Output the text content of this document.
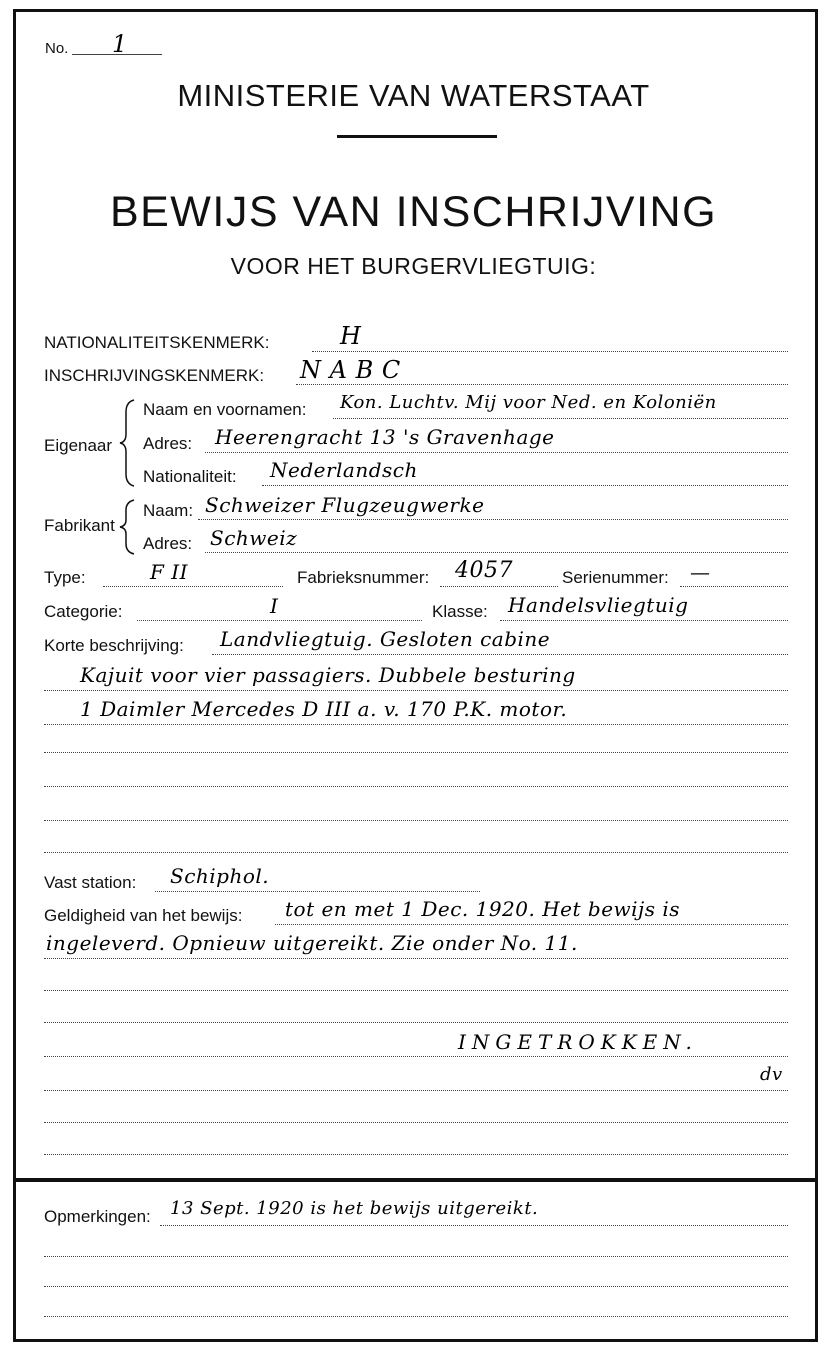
No. 1
MINISTERIE VAN WATERSTAAT
BEWIJS VAN INSCHRIJVING
VOOR HET BURGERVLIEGTUIG:
NATIONALITEITSKENMERK:	H
INSCHRIJVINGSKENMERK: N A B C
Eigenaar
Naam en voornamen: Kon. Luchtv. Mij voor Ned. en Koloniën
Adres: Heerengracht 13 's Gravenhage
Nationaliteit: Nederlandsch
Fabrikant
Naam: Schweizer Flugzeugwerke
Adres: Schweiz
Type:	F II	Fabrieksnummer: 4057	Serienummer: —
Categorie:	I	Klasse: Handelsvliegtuig
Korte beschrijving: Landvliegtuig. Gesloten cabine
Kajuit voor vier passagiers. Dubbele besturing
1 Daimler Mercedes D III a. v. 170 P.K. motor.
Vast station: Schiphol.
Geldigheid van het bewijs: tot en met 1 Dec. 1920. Het bewijs is
ingeleverd. Opnieuw uitgereikt. Zie onder No. 11.
INGETROKKEN.
dv
Opmerkingen: 13 Sept. 1920 is het bewijs uitgereikt.
